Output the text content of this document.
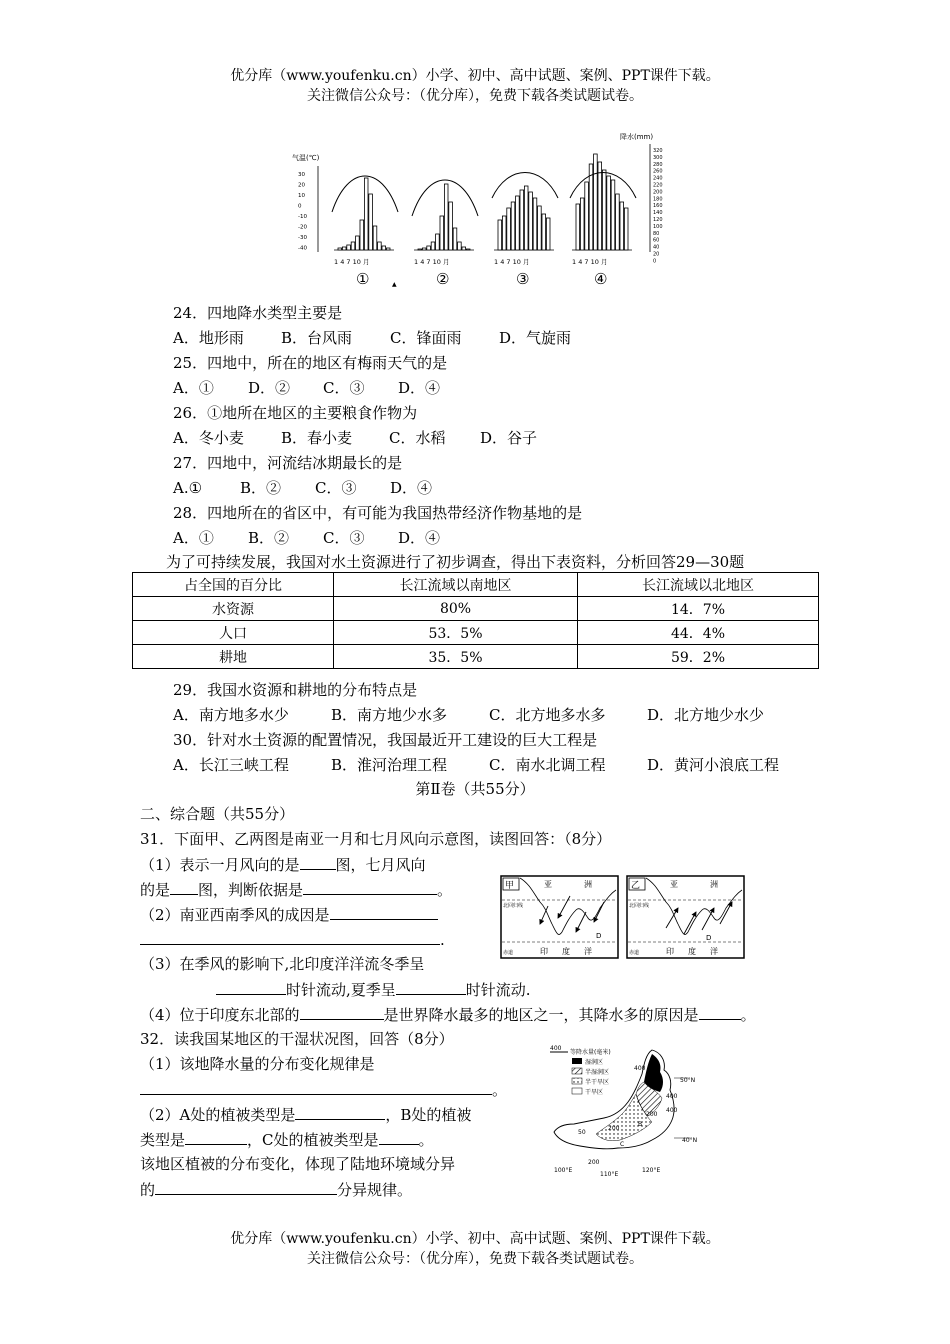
优分库（www.youfenku.cn）小学、初中、高中试题、案例、PPT课件下载。
关注微信公众号：（优分库），免费下载各类试题试卷。
气温(℃)
降水(mm)
30
20
10
0
-10
-20
-30
-40
320
300
280
260
240
220
200
180
160
140
120
100
80
60
40
20
0
1 4 7 10 月
①
1 4 7 10 月
②
1 4 7 10 月
③
1 4 7 10 月
④
▲
24．四地降水类型主要是
A．地形雨 B．台风雨	C．锋面雨	D．气旋雨
25．四地中，所在的地区有梅雨天气的是
A．① D．② C．③ D．④
26．①地所在地区的主要粮食作物为
A．冬小麦 B．春小麦 C．水稻 D．谷子
27．四地中，河流结冰期最长的是
A.①	B．② C．③ D．④
28．四地所在的省区中，有可能为我国热带经济作物基地的是
A．① B．② C．③ D．④
为了可持续发展，我国对水土资源进行了初步调查，得出下表资料，分析回答29—30题
占全国的百分比	长江流域以南地区	长江流域以北地区
水资源	80%	14．7%
人口	53．5%	44．4%
耕地	35．5%	59．2%
29．我国水资源和耕地的分布特点是
A．南方地多水少	B．南方地少水多	C．北方地多水多	D．北方地少水少
30．针对水土资源的配置情况，我国最近开工建设的巨大工程是
A．长江三峡工程	B．淮河治理工程	C．南水北调工程	D．黄河小浪底工程
第Ⅱ卷（共55分）
二、综合题（共55分）
31．下面甲、乙两图是南亚一月和七月风向示意图，读图回答：（8分）
（1）表示一月风向的是 图，七月风向
的是 图，判断依据是	。
（2）南亚西南季风的成因是
.
（3）在季风的影响下,北印度洋洋流冬季呈
时针流动,夏季呈	时针流动.
（4）位于印度东北部的	是世界降水最多的地区之一，其降水多的原因是	。
甲	亚	洲
北回归线
印 度 洋
赤道
D
乙	亚	洲
北回归线
印 度 洋
赤道
D
32．读我国某地区的干湿状况图，回答（8分）
（1）该地降水量的分布变化规律是
。
（2）A处的植被类型是	，B处的植被
类型是	，C处的植被类型是	。
该地区植被的分布变化，体现了陆地环境域分异
的	分异规律。
400
等降水量(毫米)
湿润区
半湿润区
半干旱区
干旱区
400
50°N
400
200
400
A
50
200
B
C
40°N
100°E
200
110°E
120°E
优分库（www.youfenku.cn）小学、初中、高中试题、案例、PPT课件下载。
关注微信公众号：（优分库），免费下载各类试题试卷。
